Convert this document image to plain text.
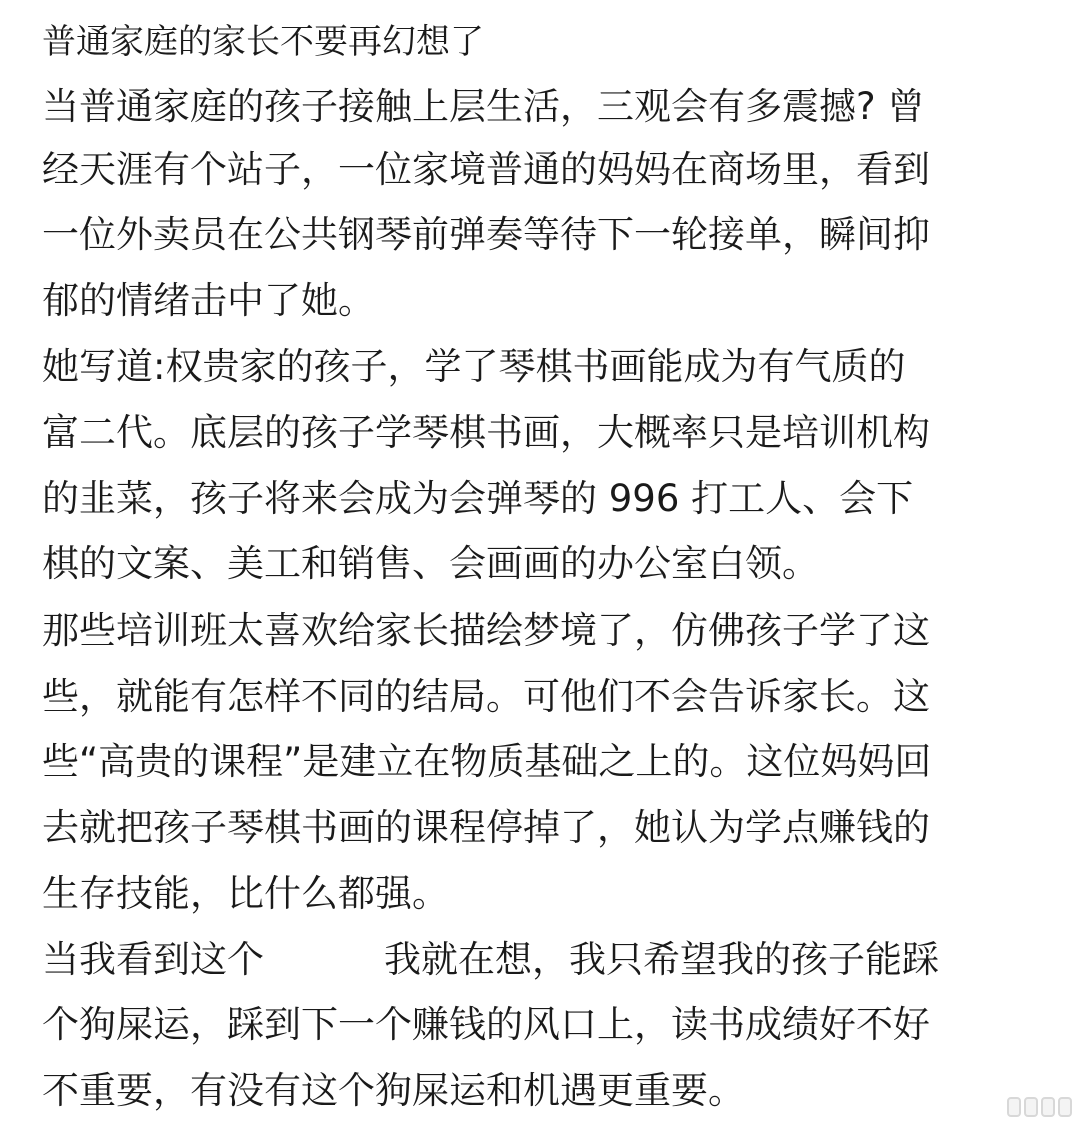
普通家庭的家长不要再幻想了
当普通家庭的孩子接触上层生活，三观会有多震撼? 曾
经天涯有个站子，一位家境普通的妈妈在商场里，看到
一位外卖员在公共钢琴前弹奏等待下一轮接单，瞬间抑
郁的情绪击中了她。
她写道:权贵家的孩子，学了琴棋书画能成为有气质的
富二代。底层的孩子学琴棋书画，大概率只是培训机构
的韭菜，孩子将来会成为会弹琴的 996 打工人、会下
棋的文案、美工和销售、会画画的办公室白领。
那些培训班太喜欢给家长描绘梦境了，仿佛孩子学了这
些，就能有怎样不同的结局。可他们不会告诉家长。这
些“高贵的课程”是建立在物质基础之上的。这位妈妈回
去就把孩子琴棋书画的课程停掉了，她认为学点赚钱的
生存技能，比什么都强。
当我看到这个	我就在想，我只希望我的孩子能踩
个狗屎运，踩到下一个赚钱的风口上，读书成绩好不好
不重要，有没有这个狗屎运和机遇更重要。
